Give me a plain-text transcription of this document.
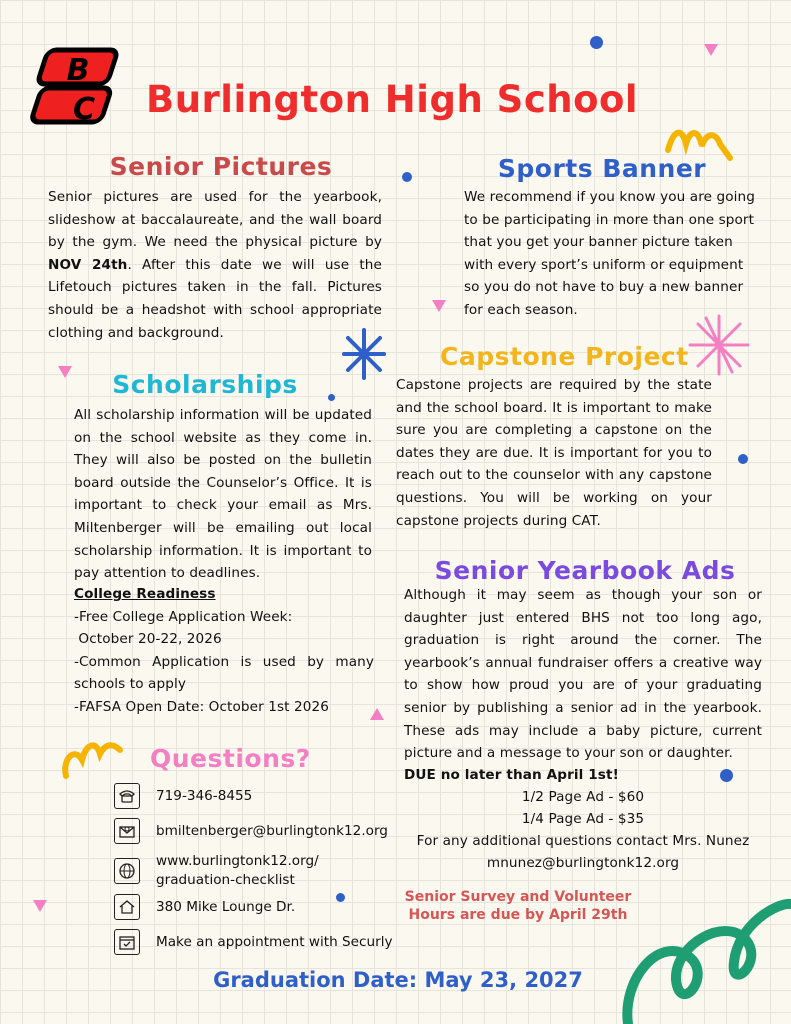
B
C Burlington High School
Senior Pictures

Senior pictures are used for the yearbook, slideshow at baccalaureate, and the wall board by the gym. We need the physical picture by NOV 24th. After this date we will use the Lifetouch pictures taken in the fall. Pictures should be a headshot with school appropriate clothing and background.

Sports Banner

We recommend if you know you are going to be participating in more than one sport that you get your banner picture taken with every sport’s uniform or equipment so you do not have to buy a new banner for each season.

Capstone Project

Capstone projects are required by the state and the school board. It is important to make sure you are completing a capstone on the dates they are due. It is important for you to reach out to the counselor with any capstone questions. You will be working on your capstone projects during CAT.

Scholarships

All scholarship information will be updated on the school website as they come in. They will also be posted on the bulletin board outside the Counselor’s Office. It is important to check your email as Mrs. Miltenberger will be emailing out local scholarship information. It is important to pay attention to deadlines.

College Readiness
-Free College Application Week:
October 20-22, 2026
-Common Application is used by many schools to apply
-FAFSA Open Date: October 1st 2026
Senior Yearbook Ads

Although it may seem as though your son or daughter just entered BHS not too long ago, graduation is right around the corner. The yearbook’s annual fundraiser offers a creative way to show how proud you are of your graduating senior by publishing a senior ad in the yearbook. These ads may include a baby picture, current picture and a message to your son or daughter.

DUE no later than April 1st!
1/2 Page Ad - $60
1/4 Page Ad - $35
For any additional questions contact Mrs. Nunez
mnunez@burlingtonk12.org
Questions?
719-346-8455
bmiltenberger@burlingtonk12.org
www.burlingtonk12.org/
graduation-checklist
380 Mike Lounge Dr.
Make an appointment with Securly
Senior Survey and Volunteer Hours are due by April 29th
Graduation Date: May 23, 2027
